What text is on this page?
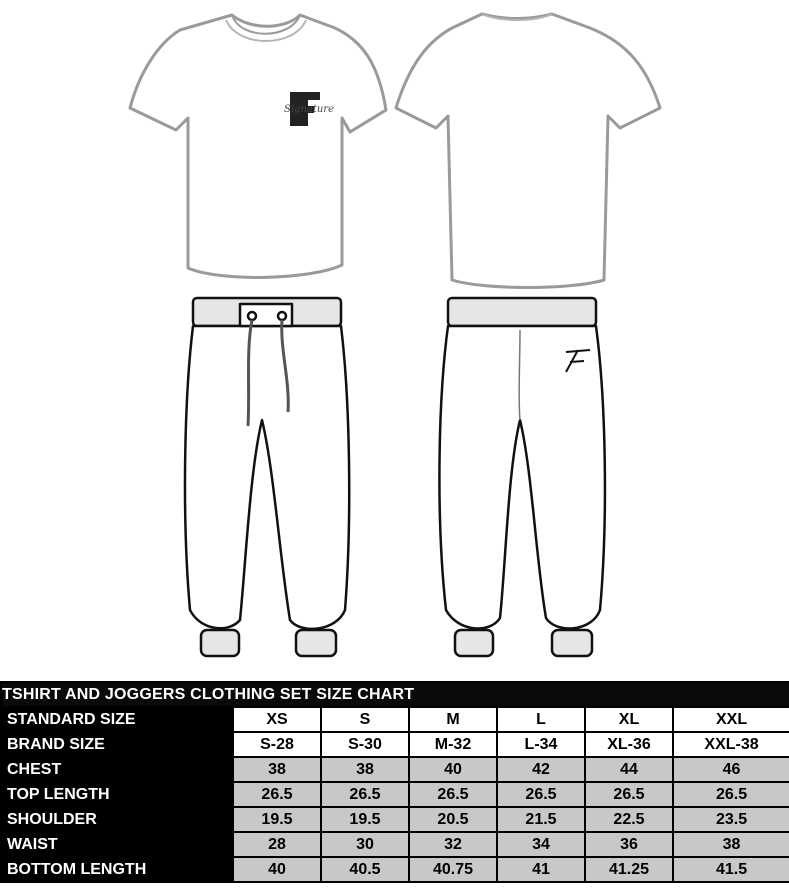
Signature
TSHIRT AND JOGGERS CLOTHING SET SIZE CHART						
STANDARD SIZE	XS	S	M	L	XL	XXL
BRAND SIZE	S-28	S-30	M-32	L-34	XL-36	XXL-38
CHEST	38	38	40	42	44	46
TOP LENGTH	26.5	26.5	26.5	26.5	26.5	26.5
SHOULDER	19.5	19.5	20.5	21.5	22.5	23.5
WAIST	28	30	32	34	36	38
BOTTOM LENGTH	40	40.5	40.75	41	41.25	41.5
